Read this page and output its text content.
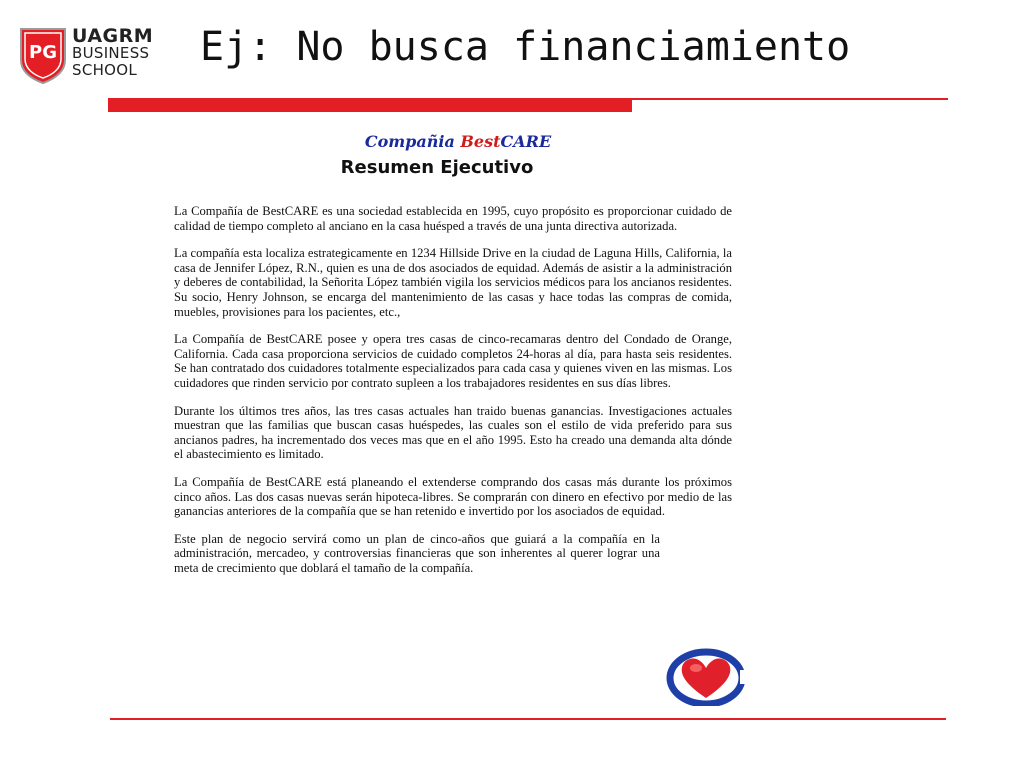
PG
UAGRM
BUSINESS
SCHOOL	Ej: No busca financiamiento
Compañia BestCARE
Resumen Ejecutivo

La Compañía de BestCARE es una sociedad establecida en 1995, cuyo propósito es proporcionar cuidado de calidad de tiempo completo al anciano en la casa huésped a través de una junta directiva autorizada.

La compañía esta localiza estrategicamente en 1234 Hillside Drive en la ciudad de Laguna Hills, California, la casa de Jennifer López, R.N., quien es una de dos asociados de equidad. Además de asistir a la administración y deberes de contabilidad, la Señorita López también vigila los servicios médicos para los ancianos residentes. Su socio, Henry Johnson, se encarga del mantenimiento de las casas y hace todas las compras de comida, muebles, provisiones para los pacientes, etc.,

La Compañía de BestCARE posee y opera tres casas de cinco-recamaras dentro del Condado de Orange, California. Cada casa proporciona servicios de cuidado completos 24-horas al día, para hasta seis residentes. Se han contratado dos cuidadores totalmente especializados para cada casa y quienes viven en las mismas. Los cuidadores que rinden servicio por contrato supleen a los trabajadores residentes en sus días libres.

Durante los últimos tres años, las tres casas actuales han traido buenas ganancias. Investigaciones actuales muestran que las familias que buscan casas huéspedes, las cuales son el estilo de vida preferido para sus ancianos padres, ha incrementado dos veces mas que en el año 1995. Esto ha creado una demanda alta dónde el abastecimiento es limitado.

La Compañía de BestCARE está planeando el extenderse comprando dos casas más durante los próximos cinco años. Las dos casas nuevas serán hipoteca-libres. Se comprarán con dinero en efectivo por medio de las ganancias anteriores de la compañía que se han retenido e invertido por los asociados de equidad.

Este plan de negocio servirá como un plan de cinco-años que guiará a la compañía en la administración, mercadeo, y controversias financieras que son inherentes al querer lograr una meta de crecimiento que doblará el tamaño de la compañía.
